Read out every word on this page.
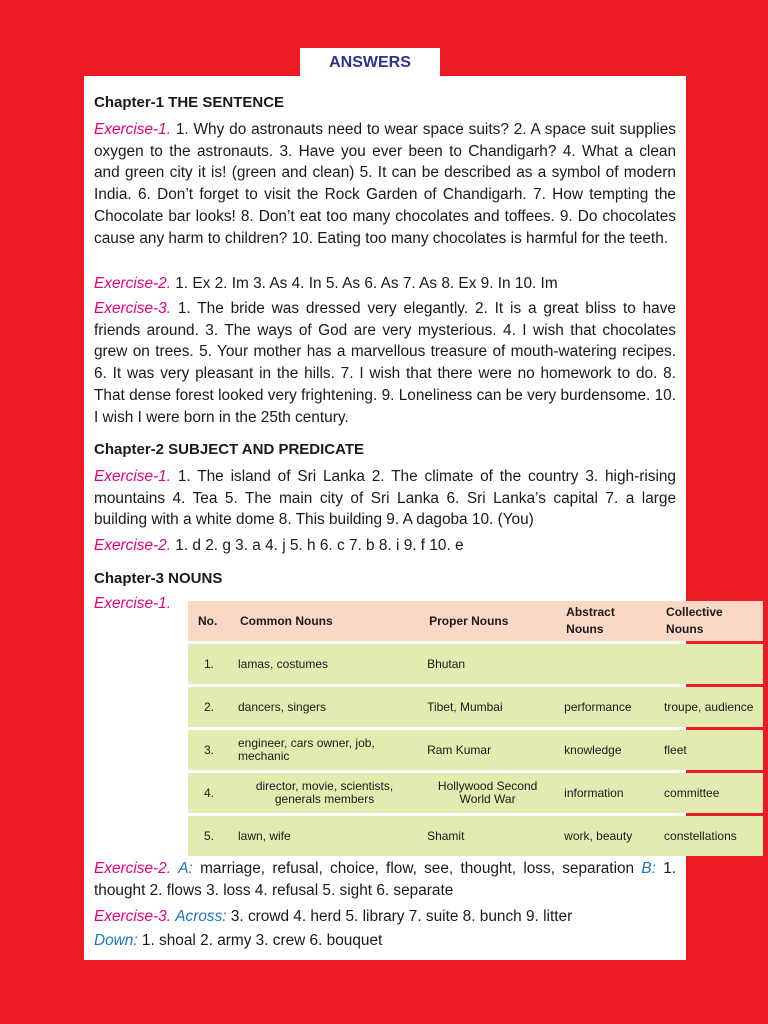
ANSWERS

Chapter-1 THE SENTENCE

Exercise-1. 1. Why do astronauts need to wear space suits? 2. A space suit supplies oxygen to the astronauts. 3. Have you ever been to Chandigarh? 4. What a clean and green city it is! (green and clean) 5. It can be described as a symbol of modern India. 6. Don’t forget to visit the Rock Garden of Chandigarh. 7. How tempting the Chocolate bar looks! 8. Don’t eat too many chocolates and toffees. 9. Do chocolates cause any harm to children? 10. Eating too many chocolates is harmful for the teeth.

Exercise-2. 1. Ex 2. Im 3. As 4. In 5. As 6. As 7. As 8. Ex 9. In 10. Im

Exercise-3. 1. The bride was dressed very elegantly. 2. It is a great bliss to have friends around. 3. The ways of God are very mysterious. 4. I wish that chocolates grew on trees. 5. Your mother has a marvellous treasure of mouth-watering recipes. 6. It was very pleasant in the hills. 7. I wish that there were no homework to do. 8. That dense forest looked very frightening. 9. Loneliness can be very burdensome. 10. I wish I were born in the 25th century.

Chapter-2 SUBJECT AND PREDICATE

Exercise-1. 1. The island of Sri Lanka 2. The climate of the country 3. high-rising mountains 4. Tea 5. The main city of Sri Lanka 6. Sri Lanka’s capital 7. a large building with a white dome 8. This building 9. A dagoba 10. (You)

Exercise-2. 1. d 2. g 3. a 4. j 5. h 6. c 7. b 8. i 9. f 10. e

Chapter-3 NOUNS

Exercise-1.

Exercise-2. A: marriage, refusal, choice, flow, see, thought, loss, separation B: 1. thought 2. flows 3. loss 4. refusal 5. sight 6. separate

Exercise-3. Across: 3. crowd 4. herd 5. library 7. suite 8. bunch 9. litter

Down: 1. shoal 2. army 3. crew 6. bouquet

No.	Common Nouns	Proper Nouns	Abstract Nouns	Collective Nouns
1.	lamas, costumes	Bhutan		
2.	dancers, singers	Tibet, Mumbai	performance	troupe, audience
3.	engineer, cars owner, job, mechanic	Ram Kumar	knowledge	fleet
4.	director, movie, scientists, generals members	Hollywood Second World War	information	committee
5.	lawn, wife	Shamit	work, beauty	constellations
